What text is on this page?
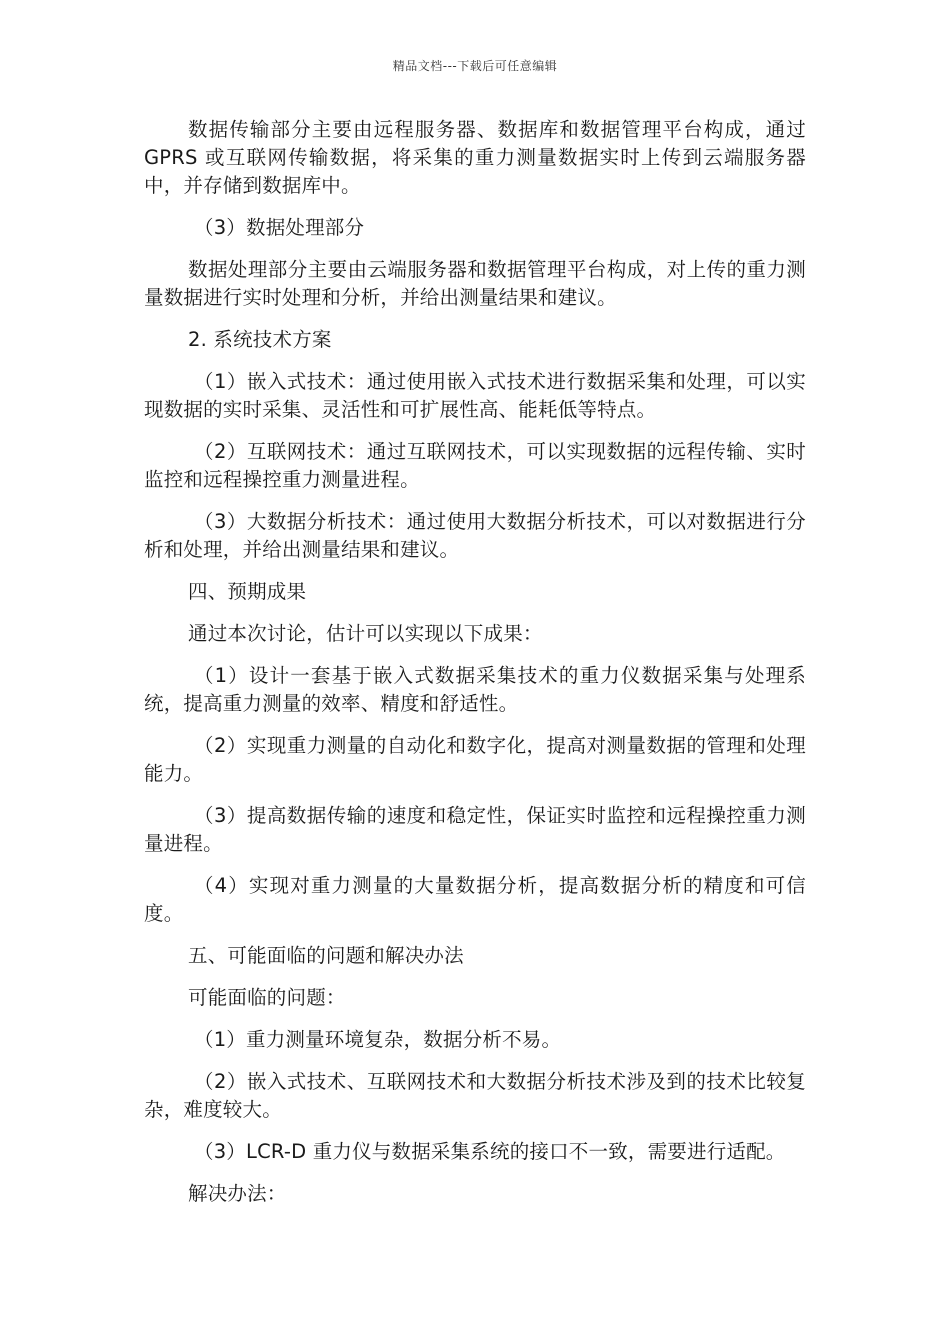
精品文档---下载后可任意编辑

数据传输部分主要由远程服务器、数据库和数据管理平台构成，通过 GPRS 或互联网传输数据，将采集的重力测量数据实时上传到云端服务器中，并存储到数据库中。

（3）数据处理部分

数据处理部分主要由云端服务器和数据管理平台构成，对上传的重力测量数据进行实时处理和分析，并给出测量结果和建议。

2. 系统技术方案

（1）嵌入式技术：通过使用嵌入式技术进行数据采集和处理，可以实现数据的实时采集、灵活性和可扩展性高、能耗低等特点。

（2）互联网技术：通过互联网技术，可以实现数据的远程传输、实时监控和远程操控重力测量进程。

（3）大数据分析技术：通过使用大数据分析技术，可以对数据进行分析和处理，并给出测量结果和建议。

四、预期成果

通过本次讨论，估计可以实现以下成果：

（1）设计一套基于嵌入式数据采集技术的重力仪数据采集与处理系统，提高重力测量的效率、精度和舒适性。

（2）实现重力测量的自动化和数字化，提高对测量数据的管理和处理能力。

（3）提高数据传输的速度和稳定性，保证实时监控和远程操控重力测量进程。

（4）实现对重力测量的大量数据分析，提高数据分析的精度和可信度。

五、可能面临的问题和解决办法

可能面临的问题：

（1）重力测量环境复杂，数据分析不易。

（2）嵌入式技术、互联网技术和大数据分析技术涉及到的技术比较复杂，难度较大。

（3）LCR-D 重力仪与数据采集系统的接口不一致，需要进行适配。

解决办法：
